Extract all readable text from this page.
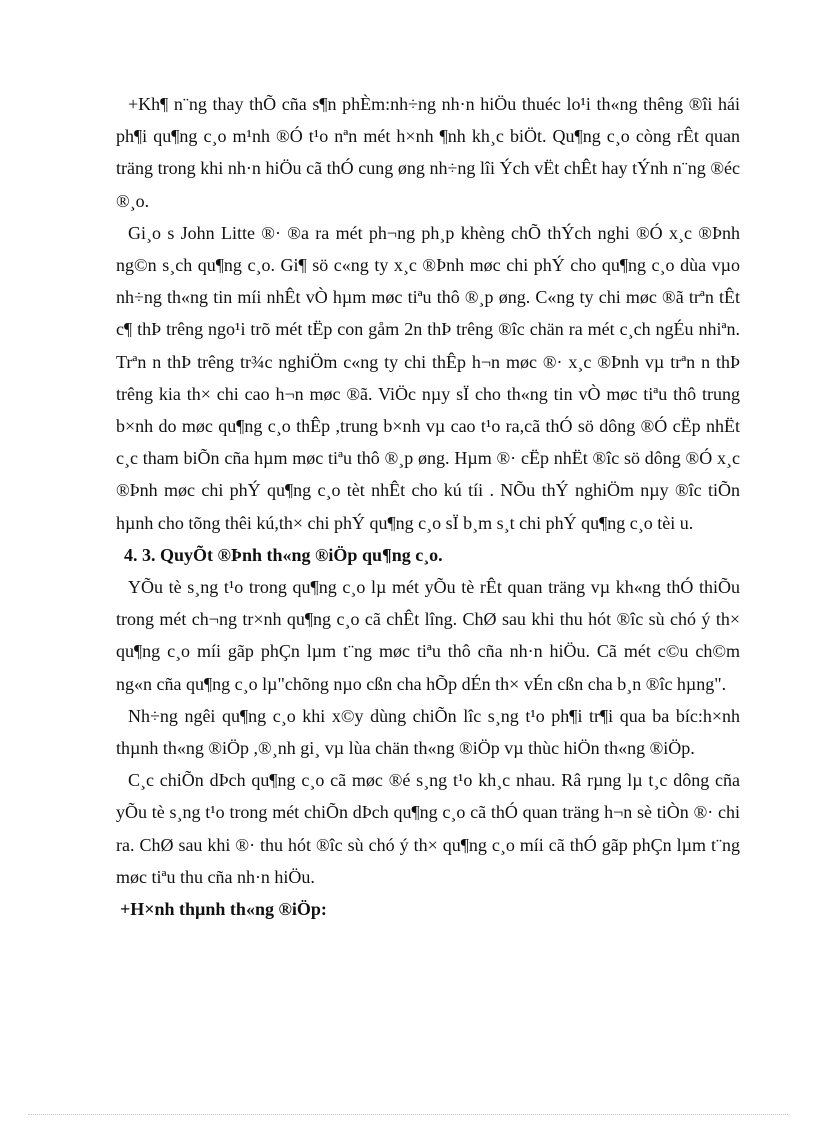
+Kh¶ n¨ng thay thÕ cña s¶n phÈm:nh÷ng nh·n hiÖu thuéc lo¹i th«ng thêng ®îi hái ph¶i qu¶ng c¸o m¹nh ®Ó t¹o nªn mét h×nh ¶nh kh¸c biÖt. Qu¶ng c¸o còng rÊt quan träng trong khi nh·n hiÖu cã thÓ cung øng nh÷ng lîi Ých vËt chÊt hay tÝnh n¨ng ®éc ®¸o.

Gi¸o s John Litte ®· ®a ra mét ph¬ng ph¸p khèng chÕ thÝch nghi ®Ó x¸c ®Þnh ng©n s¸ch qu¶ng c¸o. Gi¶ sö c«ng ty x¸c ®Þnh møc chi phÝ cho qu¶ng c¸o dùa vµo nh÷ng th«ng tin míi nhÊt vÒ hµm møc tiªu thô ®¸p øng. C«ng ty chi møc ®ã trªn tÊt c¶ thÞ trêng ngo¹i trõ mét tËp con gåm 2n thÞ trêng ®îc chän ra mét c¸ch ngÉu nhiªn. Trªn n thÞ trêng tr¾c nghiÖm c«ng ty chi thÊp h¬n møc ®· x¸c ®Þnh vµ trªn n thÞ trêng kia th× chi cao h¬n møc ®ã. ViÖc nµy sÏ cho th«ng tin vÒ møc tiªu thô trung b×nh do møc qu¶ng c¸o thÊp ,trung b×nh vµ cao t¹o ra,cã thÓ sö dông ®Ó cËp nhËt c¸c tham biÕn cña hµm møc tiªu thô ®¸p øng. Hµm ®· cËp nhËt ®îc sö dông ®Ó x¸c ®Þnh møc chi phÝ qu¶ng c¸o tèt nhÊt cho kú tíi . NÕu thÝ nghiÖm nµy ®îc tiÕn hµnh cho tõng thêi kú,th× chi phÝ qu¶ng c¸o sÏ b¸m s¸t chi phÝ qu¶ng c¸o tèi u.

4. 3. QuyÕt ®Þnh th«ng ®iÖp qu¶ng c¸o.

YÕu tè s¸ng t¹o trong qu¶ng c¸o lµ mét yÕu tè rÊt quan träng vµ kh«ng thÓ thiÕu trong mét ch¬ng tr×nh qu¶ng c¸o cã chÊt lîng. ChØ sau khi thu hót ®îc sù chó ý th× qu¶ng c¸o míi gãp phÇn lµm t¨ng møc tiªu thô cña nh·n hiÖu. Cã mét c©u ch©m ng«n cña qu¶ng c¸o lµ"chõng nµo cßn cha hÕp dÉn th× vÉn cßn cha b¸n ®îc hµng".

Nh÷ng ngêi qu¶ng c¸o khi x©y dùng chiÕn lîc s¸ng t¹o ph¶i tr¶i qua ba bíc:h×nh thµnh th«ng ®iÖp ,®¸nh gi¸ vµ lùa chän th«ng ®iÖp vµ thùc hiÖn th«ng ®iÖp.

C¸c chiÕn dÞch qu¶ng c¸o cã møc ®é s¸ng t¹o kh¸c nhau. Râ rµng lµ t¸c dông cña yÕu tè s¸ng t¹o trong mét chiÕn dÞch qu¶ng c¸o cã thÓ quan träng h¬n sè tiÒn ®· chi ra. ChØ sau khi ®· thu hót ®îc sù chó ý th× qu¶ng c¸o míi cã thÓ gãp phÇn lµm t¨ng møc tiªu thu cña nh·n hiÖu.

+H×nh thµnh th«ng ®iÖp:
